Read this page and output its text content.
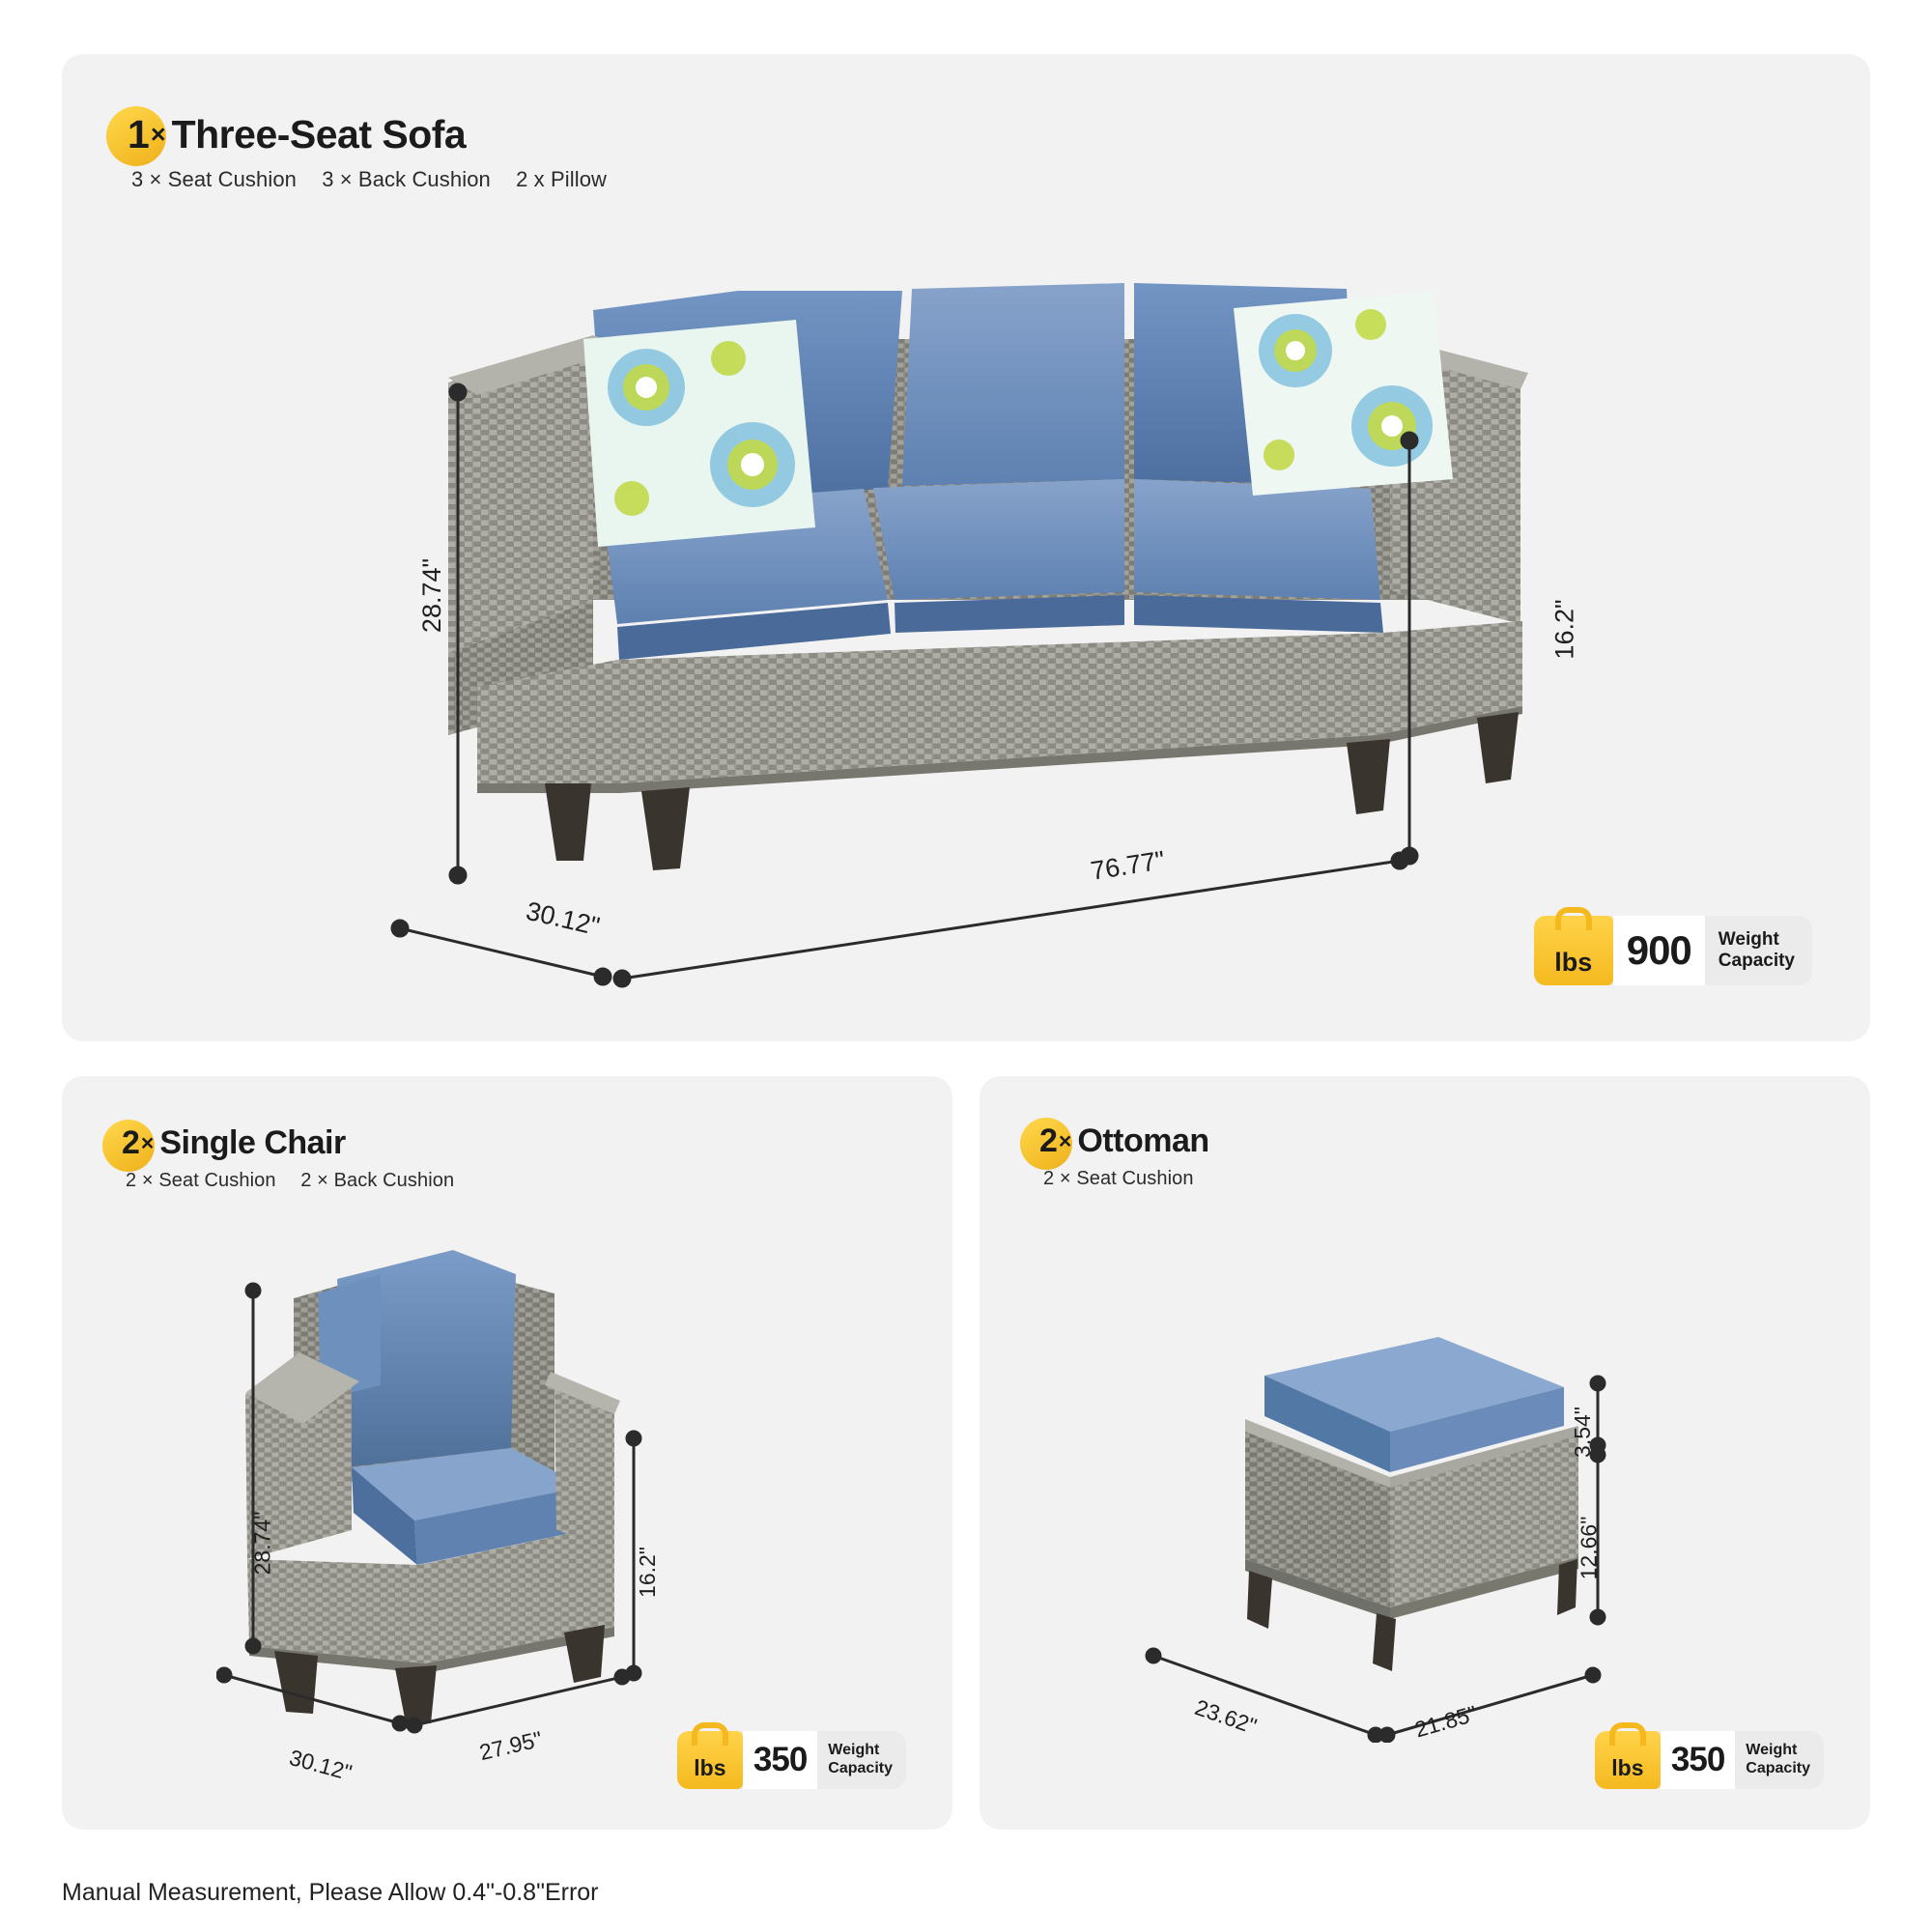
1 × Three-Seat Sofa
3 × Seat Cushion 3 × Back Cushion 2 x Pillow
28.74"
30.12"
76.77"
16.2"
lbs 900	Weight
Capacity
2 × Single Chair
2 × Seat Cushion 2 × Back Cushion
28.74"
30.12"	27.95"
16.2"
lbs 350	Weight
Capacity
2 × Ottoman
2 × Seat Cushion
3.54"
12.66"
23.62"	21.85"
lbs 350	Weight
Capacity
Manual Measurement, Please Allow 0.4"-0.8"Error
